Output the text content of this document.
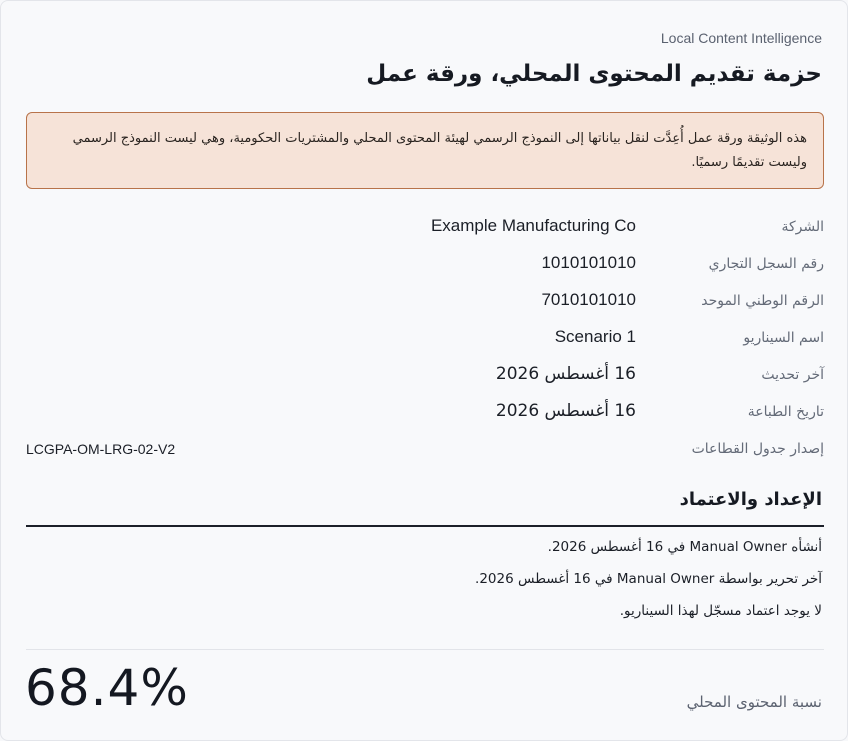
Local Content Intelligence
حزمة تقديم المحتوى المحلي، ورقة عمل
هذه الوثيقة ورقة عمل أُعِدَّت لنقل بياناتها إلى النموذج الرسمي لهيئة المحتوى المحلي والمشتريات الحكومية، وهي ليست النموذج الرسمي وليست تقديمًا رسميًا.
الشركة
Example Manufacturing Co
رقم السجل التجاري
1010101010
الرقم الوطني الموحد
7010101010
اسم السيناريو
Scenario 1
آخر تحديث
16 أغسطس 2026
تاريخ الطباعة
16 أغسطس 2026
إصدار جدول القطاعات
LCGPA-OM-LRG-02-V2
الإعداد والاعتماد
أنشأه Manual Owner في 16 أغسطس 2026.
آخر تحرير بواسطة Manual Owner في 16 أغسطس 2026.
لا يوجد اعتماد مسجّل لهذا السيناريو.
68.4%	نسبة المحتوى المحلي
